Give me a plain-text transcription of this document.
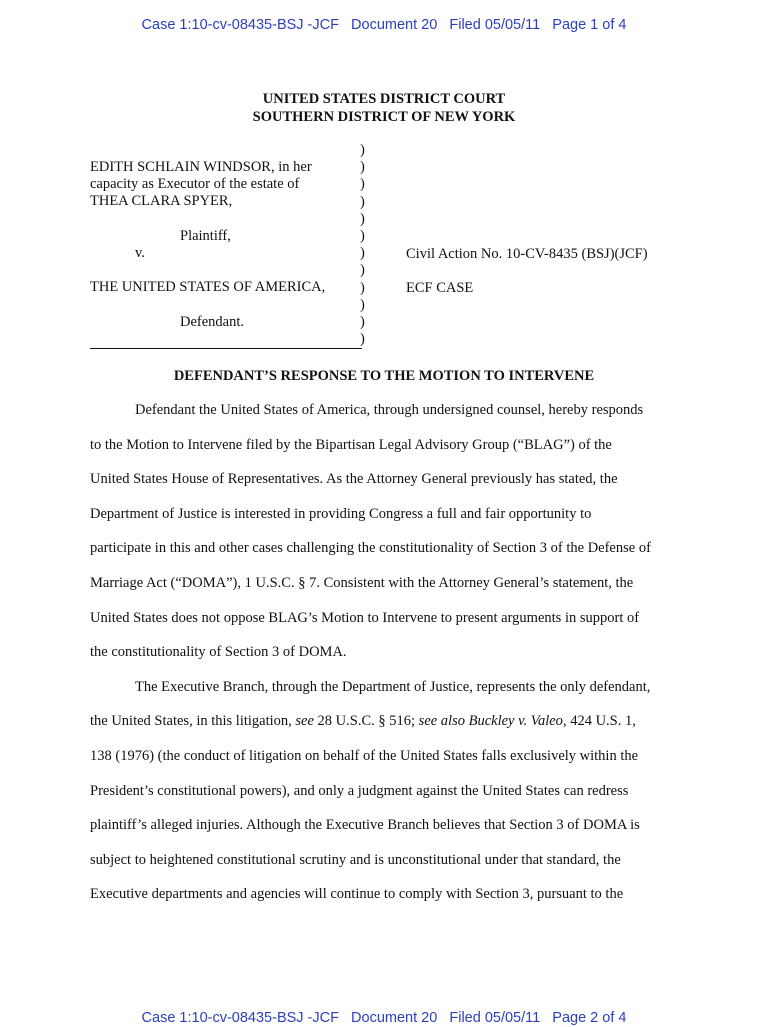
Case 1:10-cv-08435-BSJ -JCF   Document 20   Filed 05/05/11   Page 1 of 4
UNITED STATES DISTRICT COURT
SOUTHERN DISTRICT OF NEW YORK
)
)
)
)
)
)
)
)
)
)
)
)
EDITH SCHLAIN WINDSOR, in her
capacity as Executor of the estate of
THEA CLARA SPYER,
Plaintiff,
v.
THE UNITED STATES OF AMERICA,
Defendant.
Civil Action No. 10-CV-8435 (BSJ)(JCF)
ECF CASE
DEFENDANT’S RESPONSE TO THE MOTION TO INTERVENE
Defendant the United States of America, through undersigned counsel, hereby responds
to the Motion to Intervene filed by the Bipartisan Legal Advisory Group (“BLAG”) of the
United States House of Representatives. As the Attorney General previously has stated, the
Department of Justice is interested in providing Congress a full and fair opportunity to
participate in this and other cases challenging the constitutionality of Section 3 of the Defense of
Marriage Act (“DOMA”), 1 U.S.C. § 7. Consistent with the Attorney General’s statement, the
United States does not oppose BLAG’s Motion to Intervene to present arguments in support of
the constitutionality of Section 3 of DOMA.
The Executive Branch, through the Department of Justice, represents the only defendant,
the United States, in this litigation, see 28 U.S.C. § 516; see also Buckley v. Valeo, 424 U.S. 1,
138 (1976) (the conduct of litigation on behalf of the United States falls exclusively within the
President’s constitutional powers), and only a judgment against the United States can redress
plaintiff’s alleged injuries. Although the Executive Branch believes that Section 3 of DOMA is
subject to heightened constitutional scrutiny and is unconstitutional under that standard, the
Executive departments and agencies will continue to comply with Section 3, pursuant to the
Case 1:10-cv-08435-BSJ -JCF   Document 20   Filed 05/05/11   Page 2 of 4
